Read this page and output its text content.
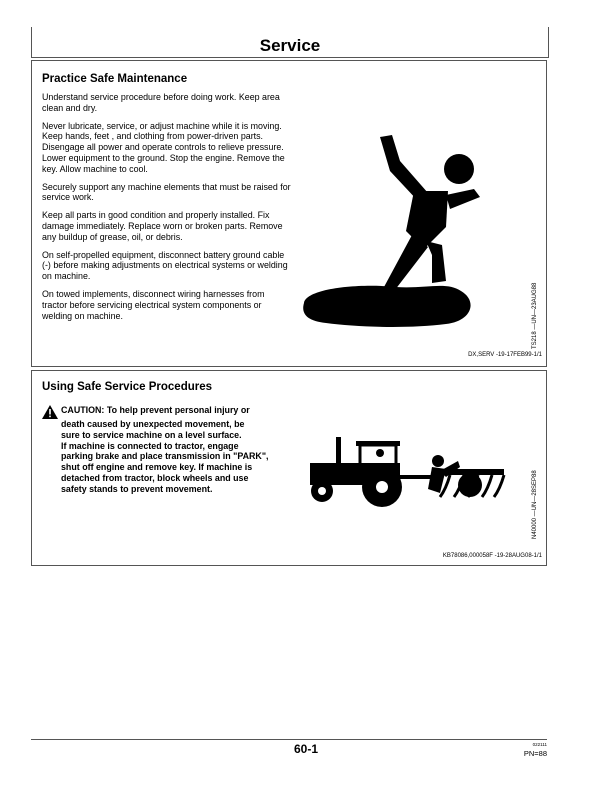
Service
Practice Safe Maintenance

Understand service procedure before doing work. Keep area clean and dry.

Never lubricate, service, or adjust machine while it is moving. Keep hands, feet , and clothing from power-driven parts. Disengage all power and operate controls to relieve pressure. Lower equipment to the ground. Stop the engine. Remove the key. Allow machine to cool.

Securely support any machine elements that must be raised for service work.

Keep all parts in good condition and properly installed. Fix damage immediately. Replace worn or broken parts. Remove any buildup of grease, oil, or debris.

On self-propelled equipment, disconnect battery ground cable (-) before making adjustments on electrical systems or welding on machine.

On towed implements, disconnect wiring harnesses from tractor before servicing electrical system components or welding on machine.	TS218 —UN—23AUG88
DX,SERV -19-17FEB99-1/1
Using Safe Service Procedures
CAUTION: To help prevent personal injury or
death caused by unexpected movement, be
sure to service machine on a level surface.
If machine is connected to tractor, engage
parking brake and place transmission in "PARK",
shut off engine and remove key. If machine is
detached from tractor, block wheels and use
safety stands to prevent movement.	N40000 —UN—28SEP88
KB78086,000058F -19-28AUG08-1/1
60-1	022111
PN=88
